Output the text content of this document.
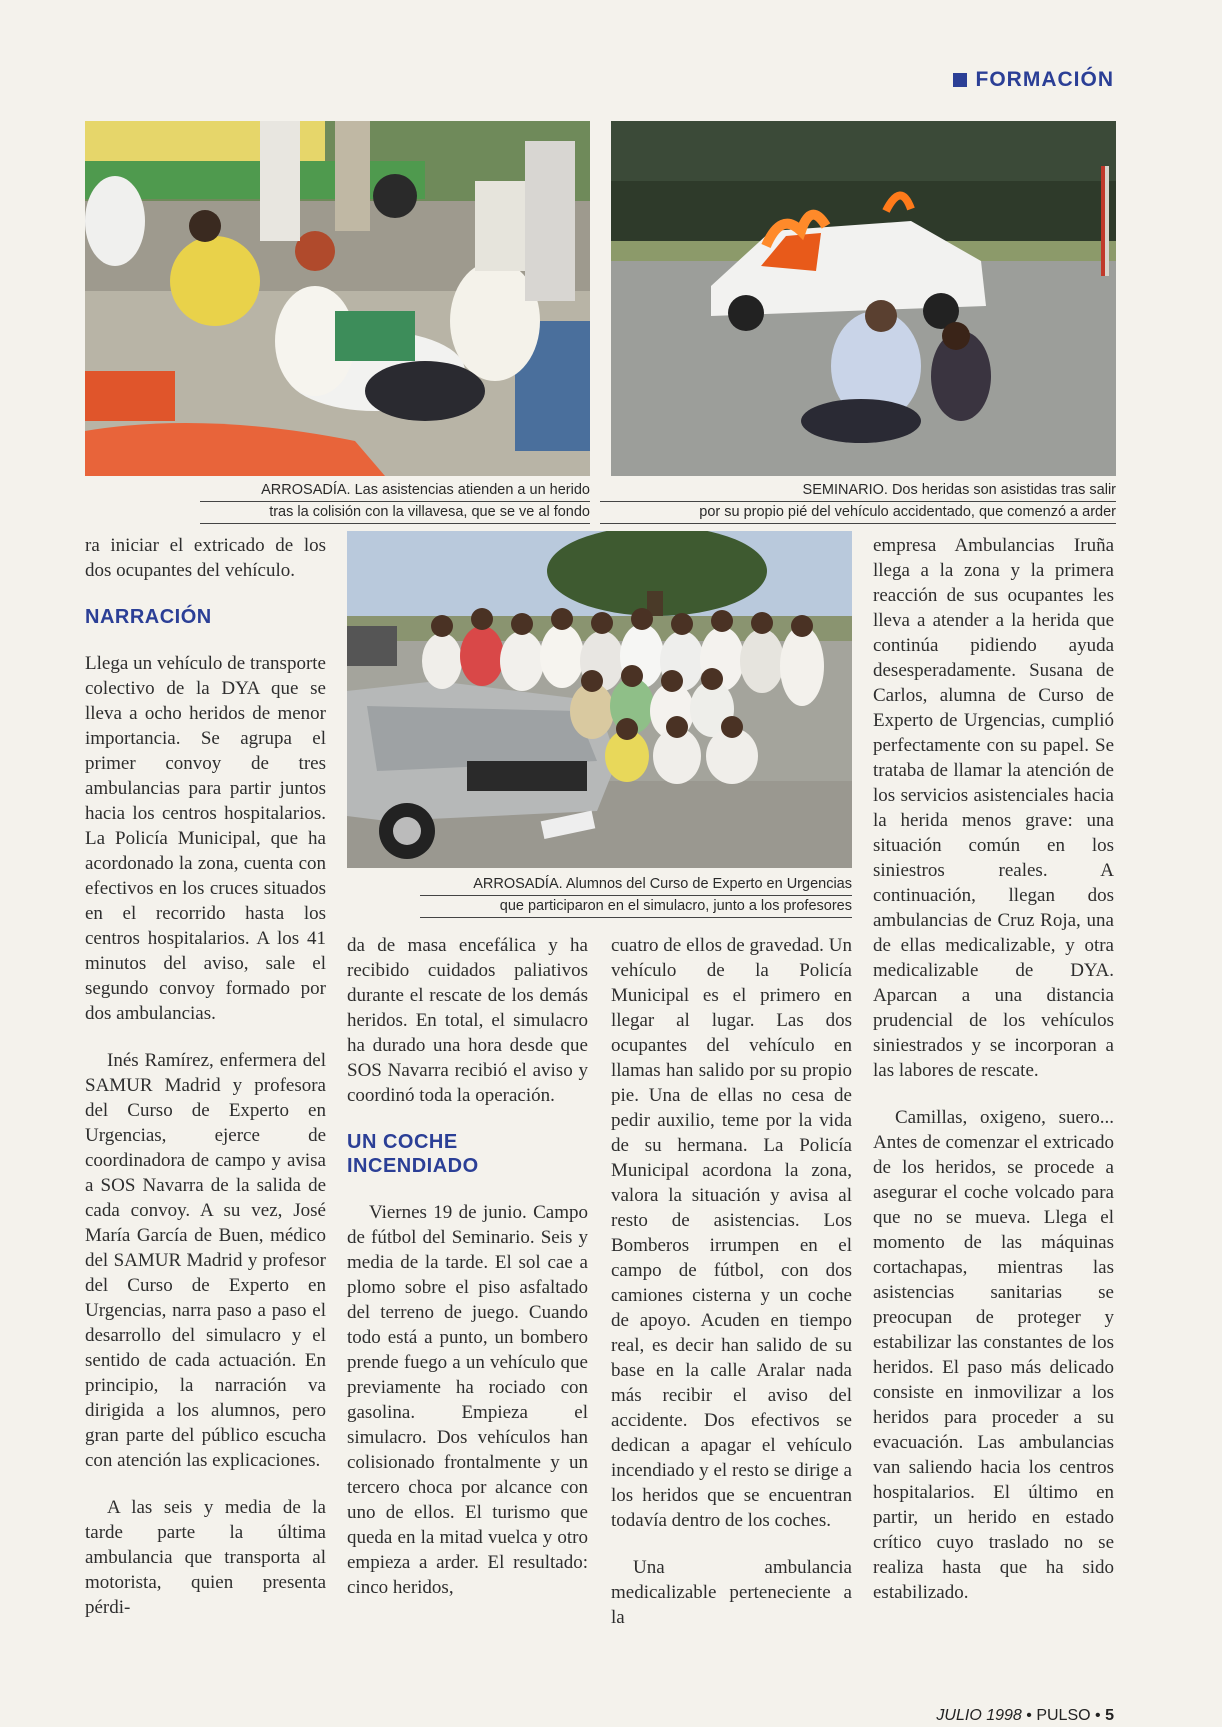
FORMACIÓN
ARROSADÍA. Las asistencias atienden a un herido
tras la colisión con la villavesa, que se ve al fondo
SEMINARIO. Dos heridas son asistidas tras salir
por su propio pié del vehículo accidentado, que comenzó a arder
ARROSADÍA. Alumnos del Curso de Experto en Urgencias
que participaron en el simulacro, junto a los profesores

ra iniciar el extricado de los dos ocupantes del vehículo.

NARRACIÓN

Llega un vehículo de transporte colectivo de la DYA que se lleva a ocho heridos de menor importancia. Se agrupa el primer convoy de tres ambulancias para partir juntos hacia los centros hospitalarios. La Policía Municipal, que ha acordonado la zona, cuenta con efectivos en los cruces situados en el recorrido hasta los centros hospitalarios. A los 41 minutos del aviso, sale el segundo convoy formado por dos ambulancias.

Inés Ramírez, enfermera del SAMUR Madrid y profesora del Curso de Experto en Urgencias, ejerce de coordinadora de campo y avisa a SOS Navarra de la salida de cada convoy. A su vez, José María García de Buen, médico del SAMUR Madrid y profesor del Curso de Experto en Urgencias, narra paso a paso el desarrollo del simulacro y el sentido de cada actuación. En principio, la narración va dirigida a los alumnos, pero gran parte del público escucha con atención las explicaciones.

A las seis y media de la tarde parte la última ambulancia que transporta al motorista, quien presenta pérdi-

da de masa encefálica y ha recibido cuidados paliativos durante el rescate de los demás heridos. En total, el simulacro ha durado una hora desde que SOS Navarra recibió el aviso y coordinó toda la operación.

UN COCHE INCENDIADO

Viernes 19 de junio. Campo de fútbol del Seminario. Seis y media de la tarde. El sol cae a plomo sobre el piso asfaltado del terreno de juego. Cuando todo está a punto, un bombero prende fuego a un vehículo que previamente ha rociado con gasolina. Empieza el simulacro. Dos vehículos han colisionado frontalmente y un tercero choca por alcance con uno de ellos. El turismo que queda en la mitad vuelca y otro empieza a arder. El resultado: cinco heridos,

cuatro de ellos de gravedad. Un vehículo de la Policía Municipal es el primero en llegar al lugar. Las dos ocupantes del vehículo en llamas han salido por su propio pie. Una de ellas no cesa de pedir auxilio, teme por la vida de su hermana. La Policía Municipal acordona la zona, valora la situación y avisa al resto de asistencias. Los Bomberos irrumpen en el campo de fútbol, con dos camiones cisterna y un coche de apoyo. Acuden en tiempo real, es decir han salido de su base en la calle Aralar nada más recibir el aviso del accidente. Dos efectivos se dedican a apagar el vehículo incendiado y el resto se dirige a los heridos que se encuentran todavía dentro de los coches.

Una ambulancia medicalizable perteneciente a la

empresa Ambulancias Iruña llega a la zona y la primera reacción de sus ocupantes les lleva a atender a la herida que continúa pidiendo ayuda desesperadamente. Susana de Carlos, alumna de Curso de Experto de Urgencias, cumplió perfectamente con su papel. Se trataba de llamar la atención de los servicios asistenciales hacia la herida menos grave: una situación común en los siniestros reales. A continuación, llegan dos ambulancias de Cruz Roja, una de ellas medicalizable, y otra medicalizable de DYA. Aparcan a una distancia prudencial de los vehículos siniestrados y se incorporan a las labores de rescate.

Camillas, oxigeno, suero... Antes de comenzar el extricado de los heridos, se procede a asegurar el coche volcado para que no se mueva. Llega el momento de las máquinas cortachapas, mientras las asistencias sanitarias se preocupan de proteger y estabilizar las constantes de los heridos. El paso más delicado consiste en inmovilizar a los heridos para proceder a su evacuación. Las ambulancias van saliendo hacia los centros hospitalarios. El último en partir, un herido en estado crítico cuyo traslado no se realiza hasta que ha sido estabilizado.

JULIO 1998 • PULSO • 5
